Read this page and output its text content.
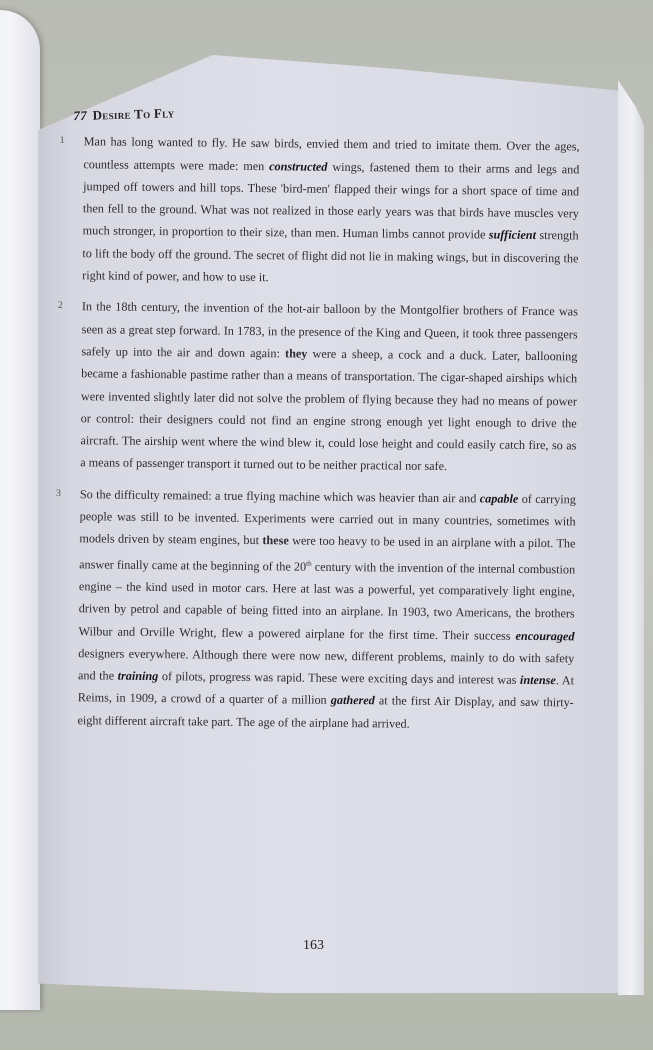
77 Desire To Fly
1 Man has long wanted to fly. He saw birds, envied them and tried to imitate them. Over the ages, countless attempts were made: men constructed wings, fastened them to their arms and legs and jumped off towers and hill tops. These 'bird-men' flapped their wings for a short space of time and then fell to the ground. What was not realized in those early years was that birds have muscles very much stronger, in proportion to their size, than men. Human limbs cannot provide sufficient strength to lift the body off the ground. The secret of flight did not lie in making wings, but in discovering the right kind of power, and how to use it.
2 In the 18th century, the invention of the hot-air balloon by the Montgolfier brothers of France was seen as a great step forward. In 1783, in the presence of the King and Queen, it took three passengers safely up into the air and down again: they were a sheep, a cock and a duck. Later, ballooning became a fashionable pastime rather than a means of transportation. The cigar-shaped airships which were invented slightly later did not solve the problem of flying because they had no means of power or control: their designers could not find an engine strong enough yet light enough to drive the aircraft. The airship went where the wind blew it, could lose height and could easily catch fire, so as a means of passenger transport it turned out to be neither practical nor safe.
3 So the difficulty remained: a true flying machine which was heavier than air and capable of carrying people was still to be invented. Experiments were carried out in many countries, sometimes with models driven by steam engines, but these were too heavy to be used in an airplane with a pilot. The answer finally came at the beginning of the 20th century with the invention of the internal combustion engine – the kind used in motor cars. Here at last was a powerful, yet comparatively light engine, driven by petrol and capable of being fitted into an airplane. In 1903, two Americans, the brothers Wilbur and Orville Wright, flew a powered airplane for the first time. Their success encouraged designers everywhere. Although there were now new, different problems, mainly to do with safety and the training of pilots, progress was rapid. These were exciting days and interest was intense. At Reims, in 1909, a crowd of a quarter of a million gathered at the first Air Display, and saw thirty-eight different aircraft take part. The age of the airplane had arrived.
163
